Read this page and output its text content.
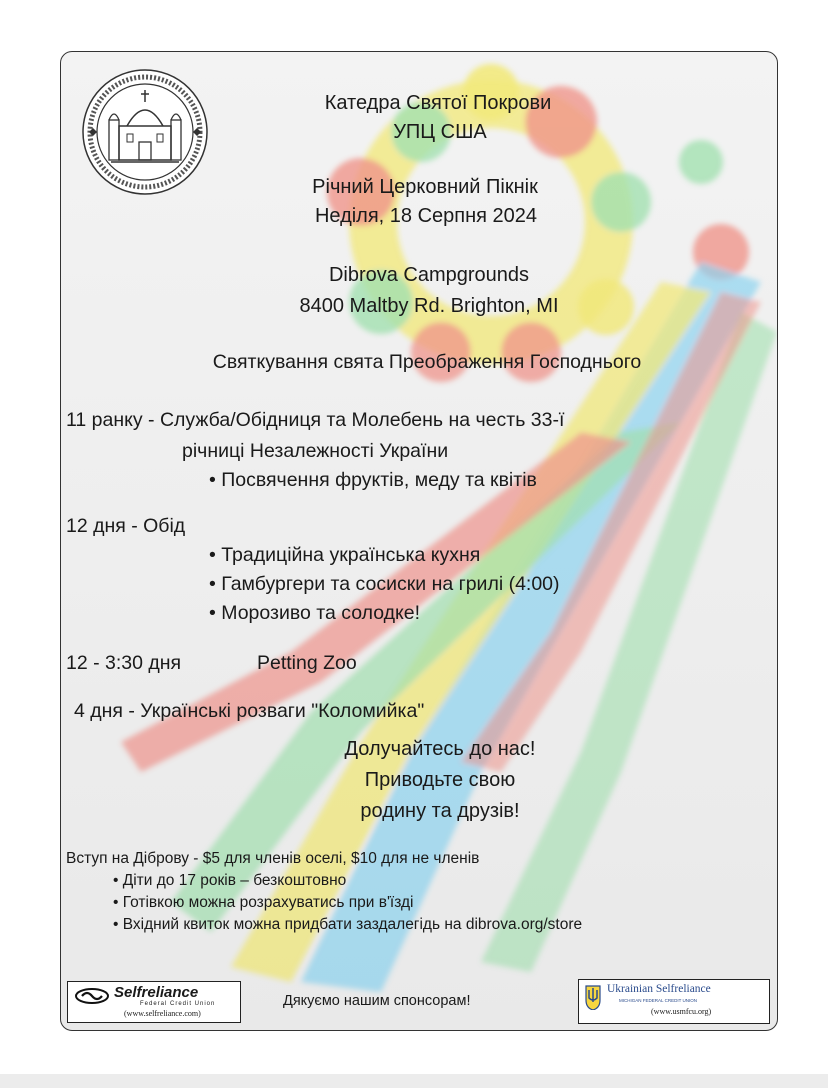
Катедра Святої Покрови
УПЦ США
Річний Церковний Пікнік
Неділя, 18 Серпня 2024
Dibrova Campgrounds
8400 Maltby Rd. Brighton, MI
Святкування свята Преображення Господнього
11 ранку - Служба/Обідниця та Молебень на честь 33-ї
річниці Незалежності України
• Посвячення фруктів, меду та квітів
12 дня - Обід
• Традиційна українська кухня
• Гамбургери та сосиски на грилі (4:00)
• Морозиво та солодке!
12 - 3:30 дня	Petting Zoo
4 дня - Українські розваги "Коломийка"
Долучайтесь до нас!
Приводьте свою
родину та друзів!
Вступ на Діброву - $5 для членів оселі, $10 для не членів
• Діти до 17 років – безкоштовно
• Готівкою можна розрахуватись при в'їзді
• Вхідний квиток можна придбати заздалегідь на dibrova.org/store
Selfreliance
Federal Credit Union
(www.selfreliance.com)
Дякуємо нашим спонсорам!
Ukrainian Selfreliance
MICHIGAN FEDERAL CREDIT UNION
(www.usmfcu.org)
